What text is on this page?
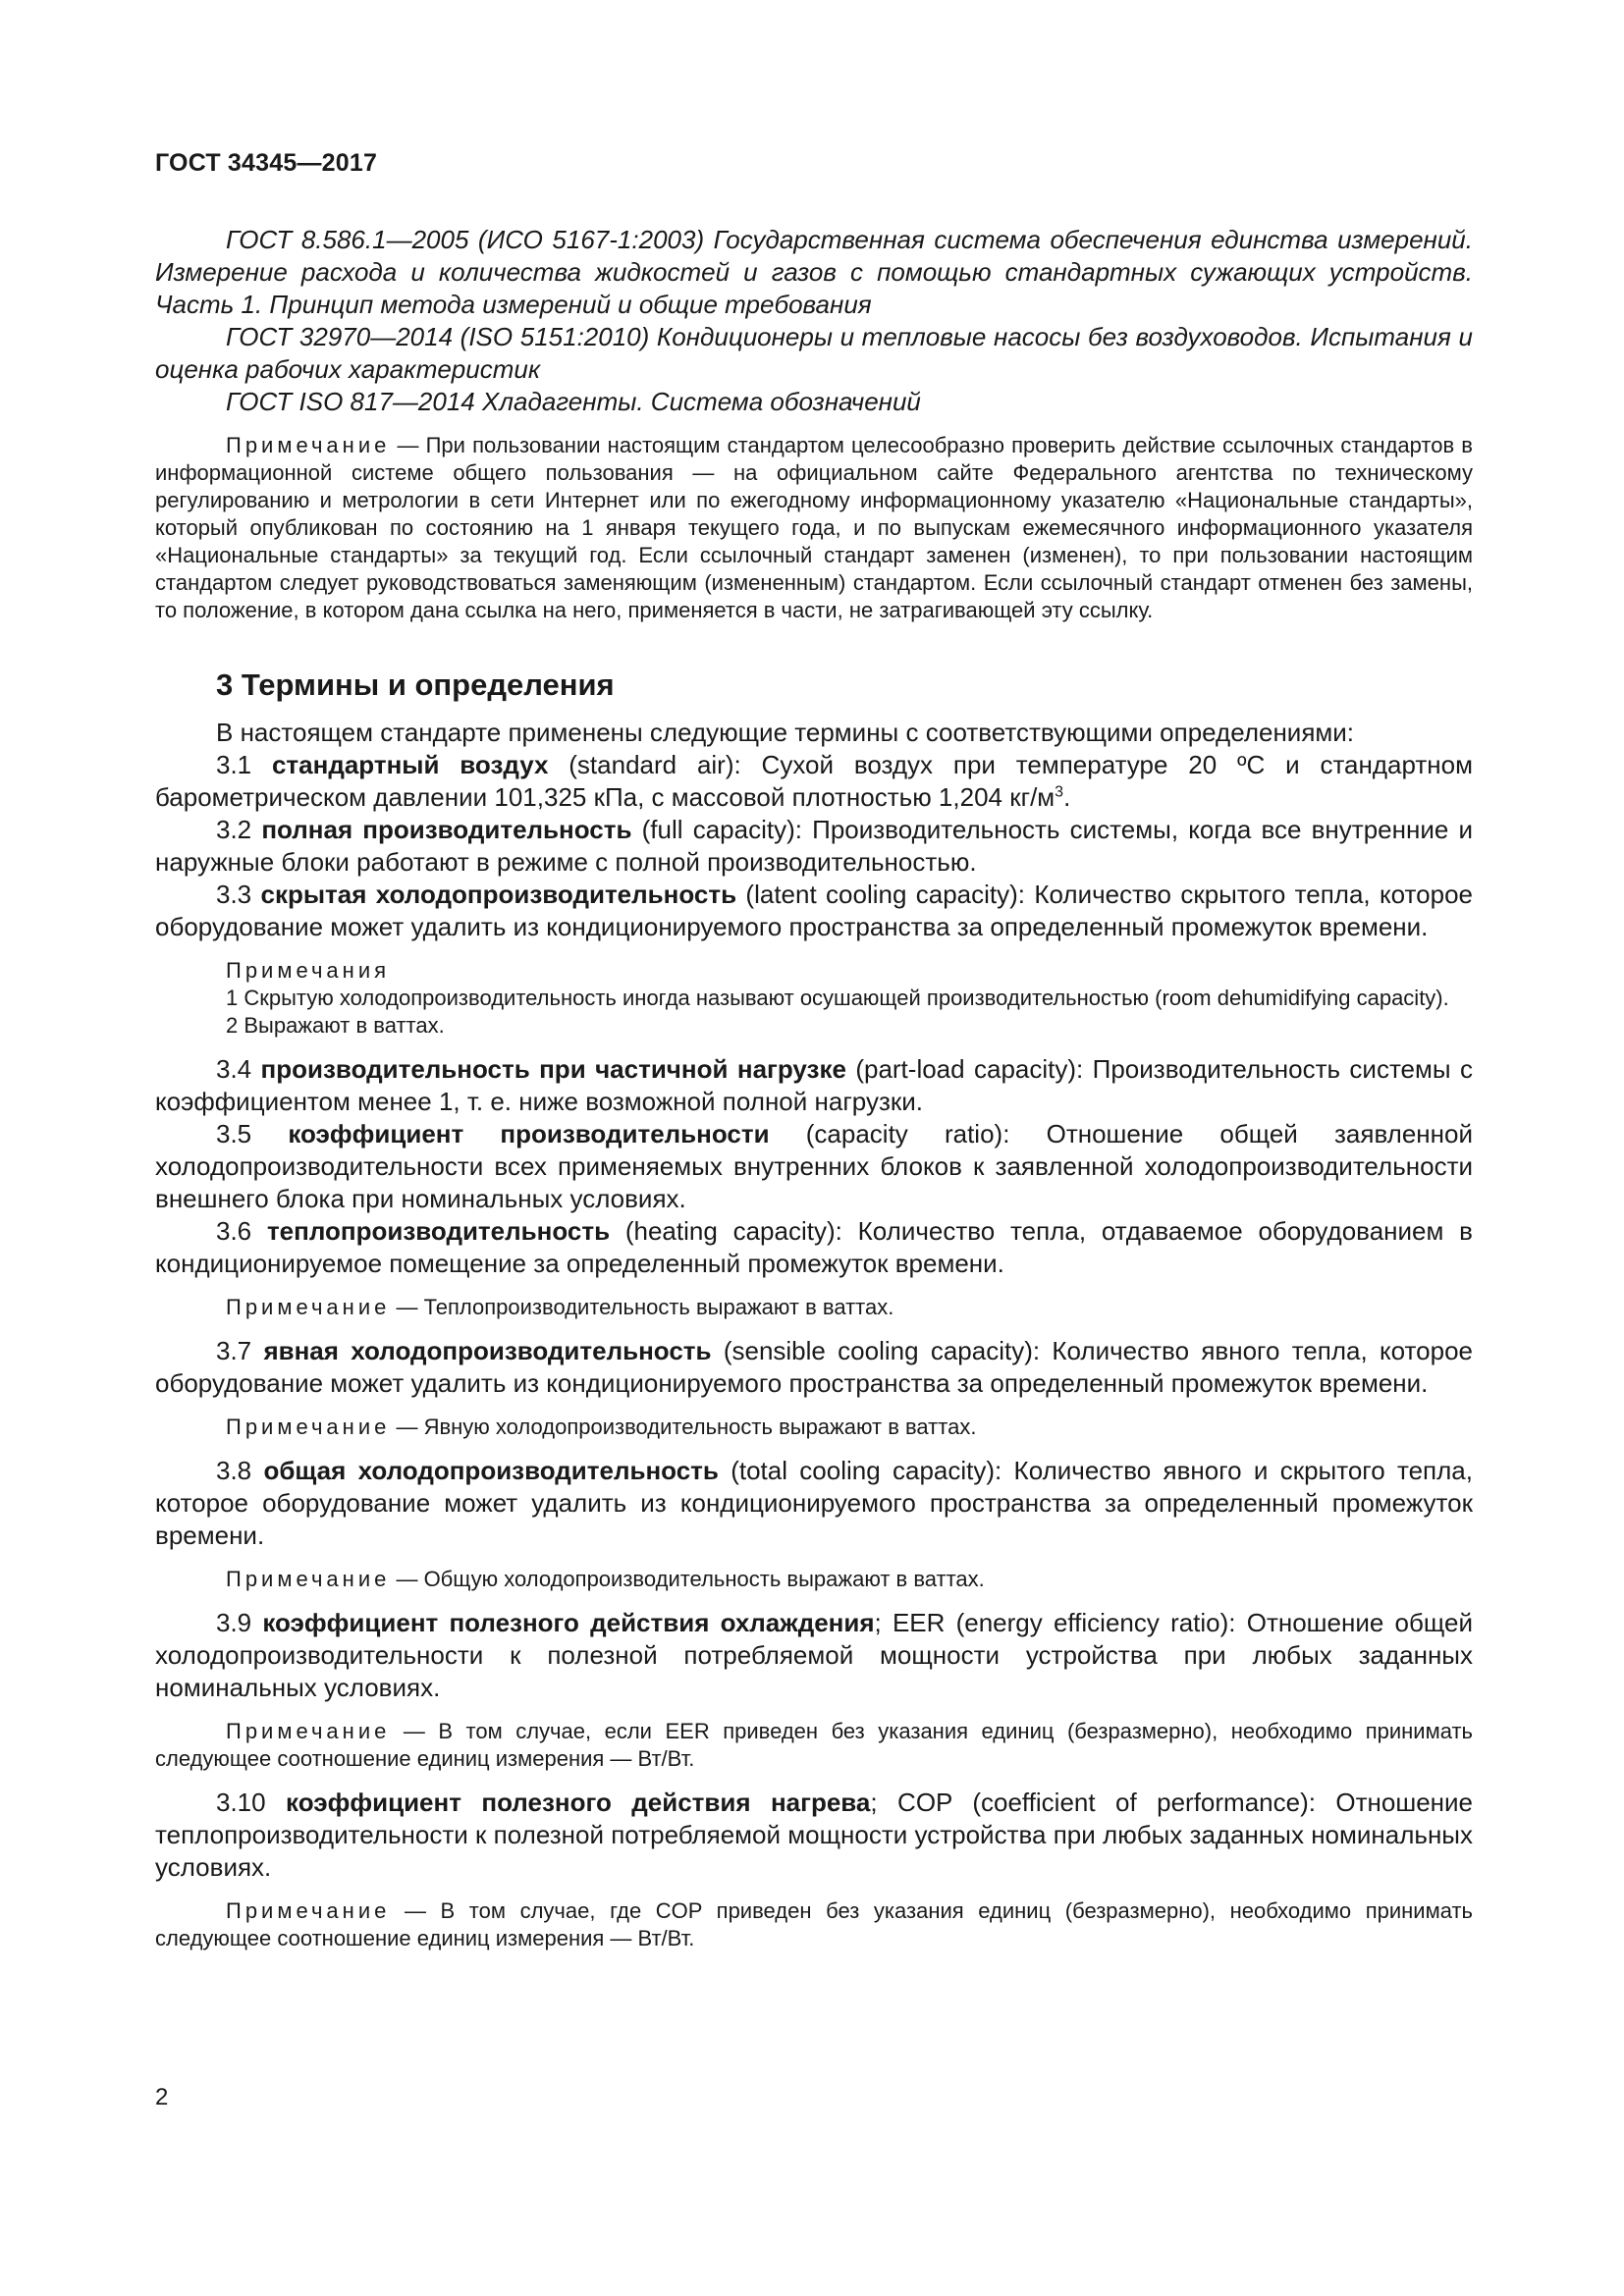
ГОСТ 34345—2017

ГОСТ 8.586.1—2005 (ИСО 5167-1:2003) Государственная система обеспечения единства измерений. Измерение расхода и количества жидкостей и газов с помощью стандартных сужающих устройств. Часть 1. Принцип метода измерений и общие требования

ГОСТ 32970—2014 (ISO 5151:2010) Кондиционеры и тепловые насосы без воздуховодов. Испытания и оценка рабочих характеристик

ГОСТ ISO 817—2014 Хладагенты. Система обозначений

Примечание — При пользовании настоящим стандартом целесообразно проверить действие ссылочных стандартов в информационной системе общего пользования — на официальном сайте Федерального агентства по техническому регулированию и метрологии в сети Интернет или по ежегодному информационному указателю «Национальные стандарты», который опубликован по состоянию на 1 января текущего года, и по выпускам ежемесячного информационного указателя «Национальные стандарты» за текущий год. Если ссылочный стандарт заменен (изменен), то при пользовании настоящим стандартом следует руководствоваться заменяющим (измененным) стандартом. Если ссылочный стандарт отменен без замены, то положение, в котором дана ссылка на него, применяется в части, не затрагивающей эту ссылку.

3 Термины и определения

В настоящем стандарте применены следующие термины с соответствующими определениями:

3.1 стандартный воздух (standard air): Сухой воздух при температуре 20 ºС и стандартном барометрическом давлении 101,325 кПа, с массовой плотностью 1,204 $кг/м^3$.

3.2 полная производительность (full capacity): Производительность системы, когда все внутренние и наружные блоки работают в режиме с полной производительностью.

3.3 скрытая холодопроизводительность (latent cooling capacity): Количество скрытого тепла, которое оборудование может удалить из кондиционируемого пространства за определенный промежуток времени.

Примечания

1 Скрытую холодопроизводительность иногда называют осушающей производительностью (room dehumidifying capacity).

2 Выражают в ваттах.

3.4 производительность при частичной нагрузке (part-load capacity): Производительность системы с коэффициентом менее 1, т. е. ниже возможной полной нагрузки.

3.5 коэффициент производительности (capacity ratio): Отношение общей заявленной холодопроизводительности всех применяемых внутренних блоков к заявленной холодопроизводительности внешнего блока при номинальных условиях.

3.6 теплопроизводительность (heating capacity): Количество тепла, отдаваемое оборудованием в кондиционируемое помещение за определенный промежуток времени.

Примечание — Теплопроизводительность выражают в ваттах.

3.7 явная холодопроизводительность (sensible cooling capacity): Количество явного тепла, которое оборудование может удалить из кондиционируемого пространства за определенный промежуток времени.

Примечание — Явную холодопроизводительность выражают в ваттах.

3.8 общая холодопроизводительность (total cooling capacity): Количество явного и скрытого тепла, которое оборудование может удалить из кондиционируемого пространства за определенный промежуток времени.

Примечание — Общую холодопроизводительность выражают в ваттах.

3.9 коэффициент полезного действия охлаждения; EER (energy efficiency ratio): Отношение общей холодопроизводительности к полезной потребляемой мощности устройства при любых заданных номинальных условиях.

Примечание — В том случае, если EER приведен без указания единиц (безразмерно), необходимо принимать следующее соотношение единиц измерения — Вт/Вт.

3.10 коэффициент полезного действия нагрева; COP (coefficient of performance): Отношение теплопроизводительности к полезной потребляемой мощности устройства при любых заданных номинальных условиях.

Примечание — В том случае, где COP приведен без указания единиц (безразмерно), необходимо принимать следующее соотношение единиц измерения — Вт/Вт.

2
